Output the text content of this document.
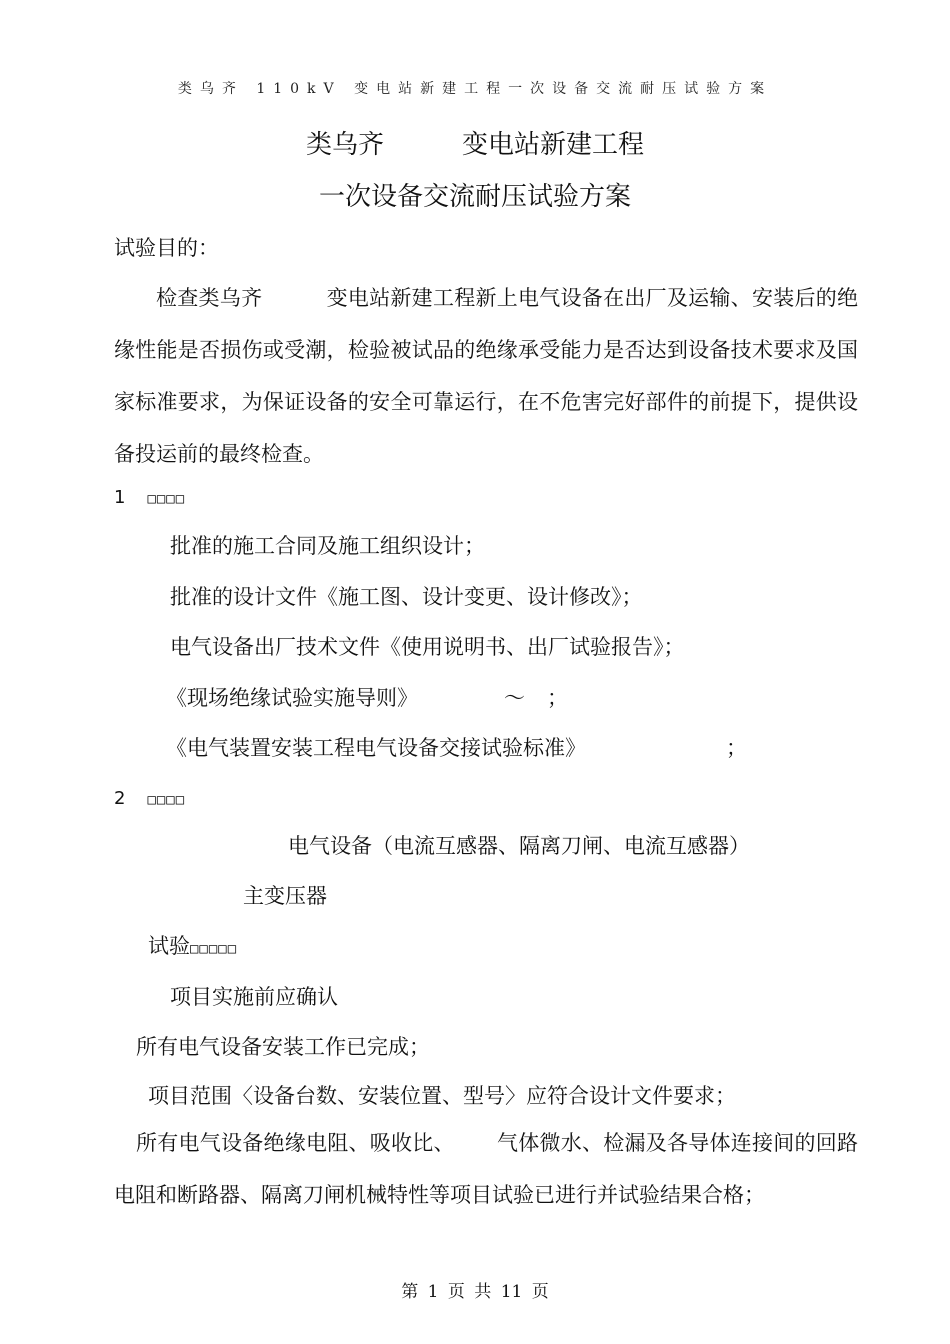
类乌齐 110kV 变电站新建工程一次设备交流耐压试验方案
类乌齐	变电站新建工程
一次设备交流耐压试验方案
试验目的：
检查类乌齐	变电站新建工程新上电气设备在出厂及运输、安装后的绝缘性能是否损伤或受潮，检验被试品的绝缘承受能力是否达到设备技术要求及国家标准要求，为保证设备的安全可靠运行，在不危害完好部件的前提下，提供设备投运前的最终检查。
1 □□□□
批准的施工合同及施工组织设计；
批准的设计文件《施工图、设计变更、设计修改》；
电气设备出厂技术文件《使用说明书、出厂试验报告》；
《现场绝缘试验实施导则》	～ ；
《电气装置安装工程电气设备交接试验标准》	；
2 □□□□
电气设备（电流互感器、隔离刀闸、电流互感器）
主变压器
试验□□□□□
项目实施前应确认
所有电气设备安装工作已完成；
项目范围〈设备台数、安装位置、型号〉应符合设计文件要求；
所有电气设备绝缘电阻、吸收比、 气体微水、检漏及各导体连接间的回路电阻和断路器、隔离刀闸机械特性等项目试验已进行并试验结果合格；
第 1 页 共 11 页
